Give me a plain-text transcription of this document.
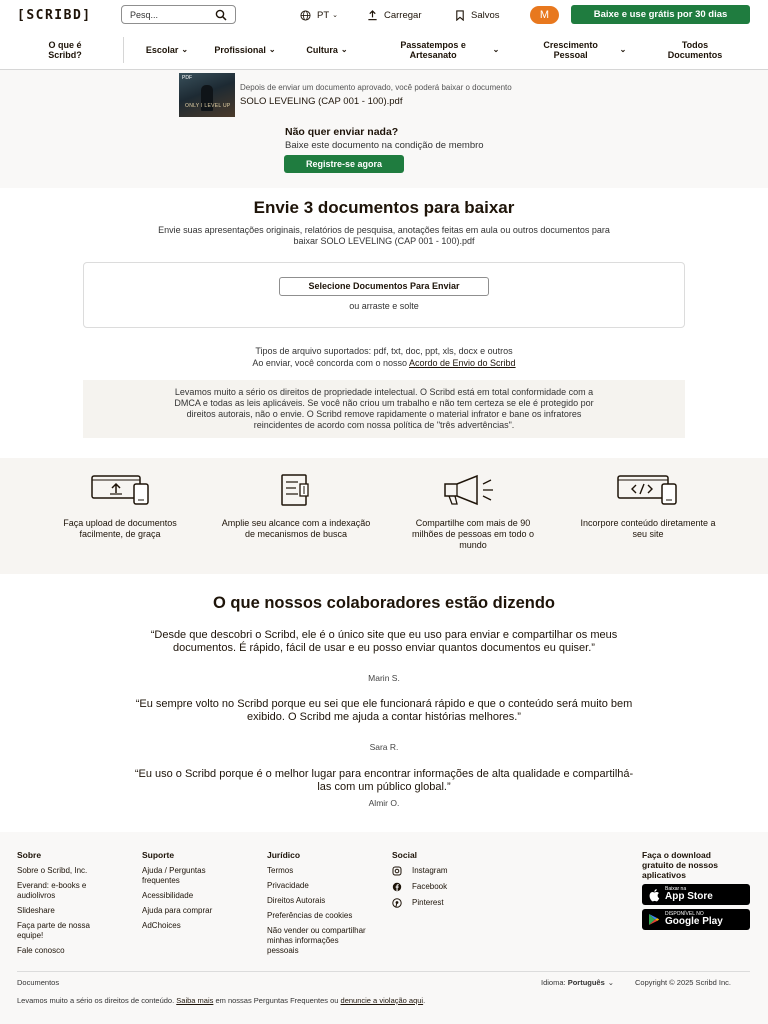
[SCRIBD]	Pesq...	PT ⌄	Carregar	Salvos	M	Baixe e use grátis por 30 dias
O que é Scribd?
Escolar ⌄	Profissional ⌄	Cultura ⌄	Passatempos e Artesanato
⌄	Crescimento Pessoal
⌄	Todos Documentos
PDF
ONLY I LEVEL UP
Depois de enviar um documento aprovado, você poderá baixar o documento
SOLO LEVELING (CAP 001 - 100).pdf
Não quer enviar nada?
Baixe este documento na condição de membro
Registre-se agora
Envie 3 documentos para baixar
Envie suas apresentações originais, relatórios de pesquisa, anotações feitas em aula ou outros documentos para
baixar SOLO LEVELING (CAP 001 - 100).pdf
Selecione Documentos Para Enviar
ou arraste e solte
Tipos de arquivo suportados: pdf, txt, doc, ppt, xls, docx e outros
Ao enviar, você concorda com o nosso Acordo de Envio do Scribd
Levamos muito a sério os direitos de propriedade intelectual. O Scribd está em total conformidade com a
DMCA e todas as leis aplicáveis. Se você não criou um trabalho e não tem certeza se ele é protegido por
direitos autorais, não o envie. O Scribd remove rapidamente o material infrator e bane os infratores
reincidentes de acordo com nossa política de "três advertências".
Faça upload de documentos facilmente, de graça
Amplie seu alcance com a indexação de mecanismos de busca
Compartilhe com mais de 90 milhões de pessoas em todo o mundo
Incorpore conteúdo diretamente a seu site
O que nossos colaboradores estão dizendo
“Desde que descobri o Scribd, ele é o único site que eu uso para enviar e compartilhar os meus documentos. É rápido, fácil de usar e eu posso enviar quantos documentos eu quiser.”
Marin S.
“Eu sempre volto no Scribd porque eu sei que ele funcionará rápido e que o conteúdo será muito bem exibido. O Scribd me ajuda a contar histórias melhores.”
Sara R.
“Eu uso o Scribd porque é o melhor lugar para encontrar informações de alta qualidade e compartilhá-las com um público global.”
Almir O.
Sobre
Sobre o Scribd, Inc.
Everand: e-books e audiolivros
Slideshare
Faça parte de nossa equipe!
Fale conosco
Suporte
Ajuda / Perguntas frequentes
Acessibilidade
Ajuda para comprar
AdChoices
Jurídico
Termos
Privacidade
Direitos Autorais
Preferências de cookies
Não vender ou compartilhar minhas informações pessoais
Social
Instagram
Facebook
Pinterest
Faça o download gratuito de nossos aplicativos
Baixar na
App Store
DISPONÍVEL NO
Google Play
Documentos	Idioma: Português ⌄	Copyright © 2025 Scribd Inc.
Levamos muito a sério os direitos de conteúdo. Saiba mais em nossas Perguntas Frequentes ou denuncie a violação aqui.
